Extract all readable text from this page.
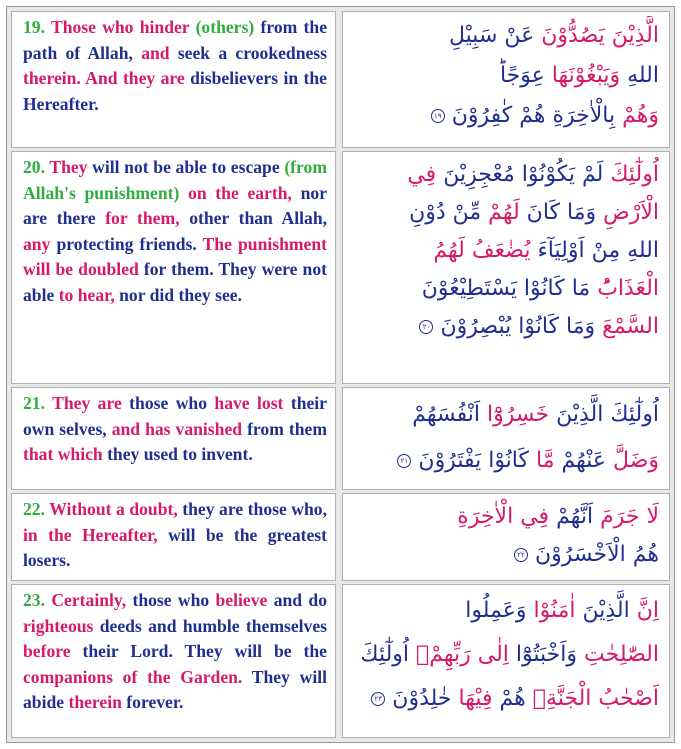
19. Those who hinder (others) from the path of Allah, and seek a crookedness therein. And they are disbelievers in the Hereafter.

الَّذِيْنَ يَصُدُّوْنَ عَنْ سَبِيْلِ
اللهِ وَيَبْغُوْنَهَا عِوَجًاؕ
وَهُمْ بِالْاٰخِرَةِ هُمْ كٰفِرُوْنَ ١٩

20. They will not be able to escape (from Allah's punishment) on the earth, nor are there for them, other than Allah, any protecting friends. The punishment will be doubled for them. They were not able to hear, nor did they see.

اُولٰٓئِكَ لَمْ يَكُوْنُوْا مُعْجِزِيْنَ فِي
الْاَرْضِ وَمَا كَانَ لَهُمْ مِّنْ دُوْنِ
اللهِ مِنْ اَوْلِيَآءَ يُضٰعَفُ لَهُمُ
الْعَذَابُؕ مَا كَانُوْا يَسْتَطِيْعُوْنَ
السَّمْعَ وَمَا كَانُوْا يُبْصِرُوْنَ ٢٠

21. They are those who have lost their own selves, and has vanished from them that which they used to invent.

اُولٰٓئِكَ الَّذِيْنَ خَسِرُوْٓا اَنْفُسَهُمْ
وَضَلَّ عَنْهُمْ مَّا كَانُوْا يَفْتَرُوْنَ ٢١

22. Without a doubt, they are those who, in the Hereafter, will be the greatest losers.

لَا جَرَمَ اَنَّهُمْ فِي الْاٰخِرَةِ
هُمُ الْاَخْسَرُوْنَ ٢٢

23. Certainly, those who believe and do righteous deeds and humble themselves before their Lord. They will be the companions of the Garden. They will abide therein forever.

اِنَّ الَّذِيْنَ اٰمَنُوْا وَعَمِلُوا
الصّٰلِحٰتِ وَاَخْبَتُوْٓا اِلٰى رَبِّهِمْۙ اُولٰٓئِكَ
اَصْحٰبُ الْجَنَّةِۚ هُمْ فِيْهَا خٰلِدُوْنَ ٢٣
